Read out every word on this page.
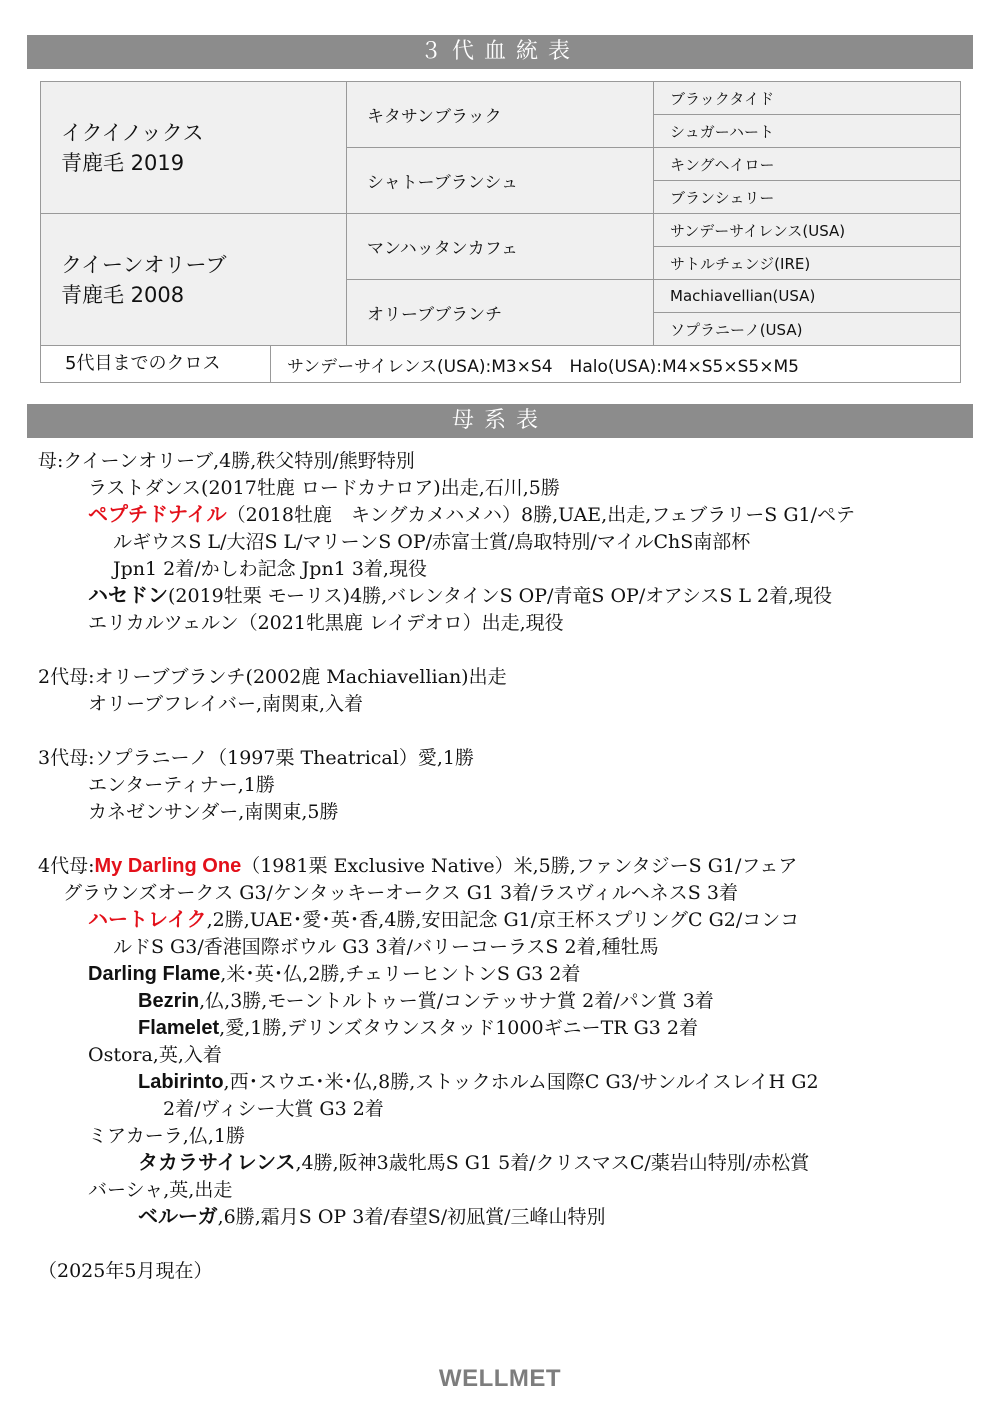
３代血統表
イクイノックス
青鹿毛 2019	キタサンブラック	ブラックタイド
		シュガーハート
	シャトーブランシュ	キングヘイロー
		ブランシェリー

クイーンオリーブ
青鹿毛 2008	マンハッタンカフェ	サンデーサイレンス(USA)
		サトルチェンジ(IRE)
	オリーブブランチ	Machiavellian(USA)
		ソプラニーノ(USA)

5代目までのクロス サンデーサイレンス(USA):M3×S4　Halo(USA):M4×S5×S5×M5		
母系表
母:クイーンオリーブ,4勝,秩父特別/熊野特別
ラストダンス(2017牡鹿 ロードカナロア)出走,石川,5勝
ペプチドナイル（2018牡鹿　キングカメハメハ）8勝,UAE,出走,フェブラリーS G1/ペテ
ルギウスS L/大沼S L/マリーンS OP/赤富士賞/鳥取特別/マイルChS南部杯
Jpn1 2着/かしわ記念 Jpn1 3着,現役
ハセドン(2019牡栗 モーリス)4勝,バレンタインS OP/青竜S OP/オアシスS L 2着,現役
エリカルツェルン（2021牝黒鹿 レイデオロ）出走,現役
2代母:オリーブブランチ(2002鹿 Machiavellian)出走
オリーブフレイバー,南関東,入着
3代母:ソプラニーノ（1997栗 Theatrical）愛,1勝
エンターティナー,1勝
カネゼンサンダー,南関東,5勝
4代母:My Darling One（1981栗 Exclusive Native）米,5勝,ファンタジーS G1/フェア
グラウンズオークス G3/ケンタッキーオークス G1 3着/ラスヴィルヘネスS 3着
ハートレイク,2勝,UAE･愛･英･香,4勝,安田記念 G1/京王杯スプリングC G2/コンコ
ルドS G3/香港国際ボウル G3 3着/バリーコーラスS 2着,種牡馬
Darling Flame,米･英･仏,2勝,チェリーヒントンS G3 2着
Bezrin,仏,3勝,モーントルトゥー賞/コンテッサナ賞 2着/パン賞 3着
Flamelet,愛,1勝,デリンズタウンスタッド1000ギニーTR G3 2着
Ostora,英,入着
Labirinto,西･スウエ･米･仏,8勝,ストックホルム国際C G3/サンルイスレイH G2
2着/ヴィシー大賞 G3 2着
ミアカーラ,仏,1勝
タカラサイレンス,4勝,阪神3歳牝馬S G1 5着/クリスマスC/薬岩山特別/赤松賞
バーシャ,英,出走
ベルーガ,6勝,霜月S OP 3着/春望S/初凪賞/三峰山特別
（2025年5月現在）
WELLMET
